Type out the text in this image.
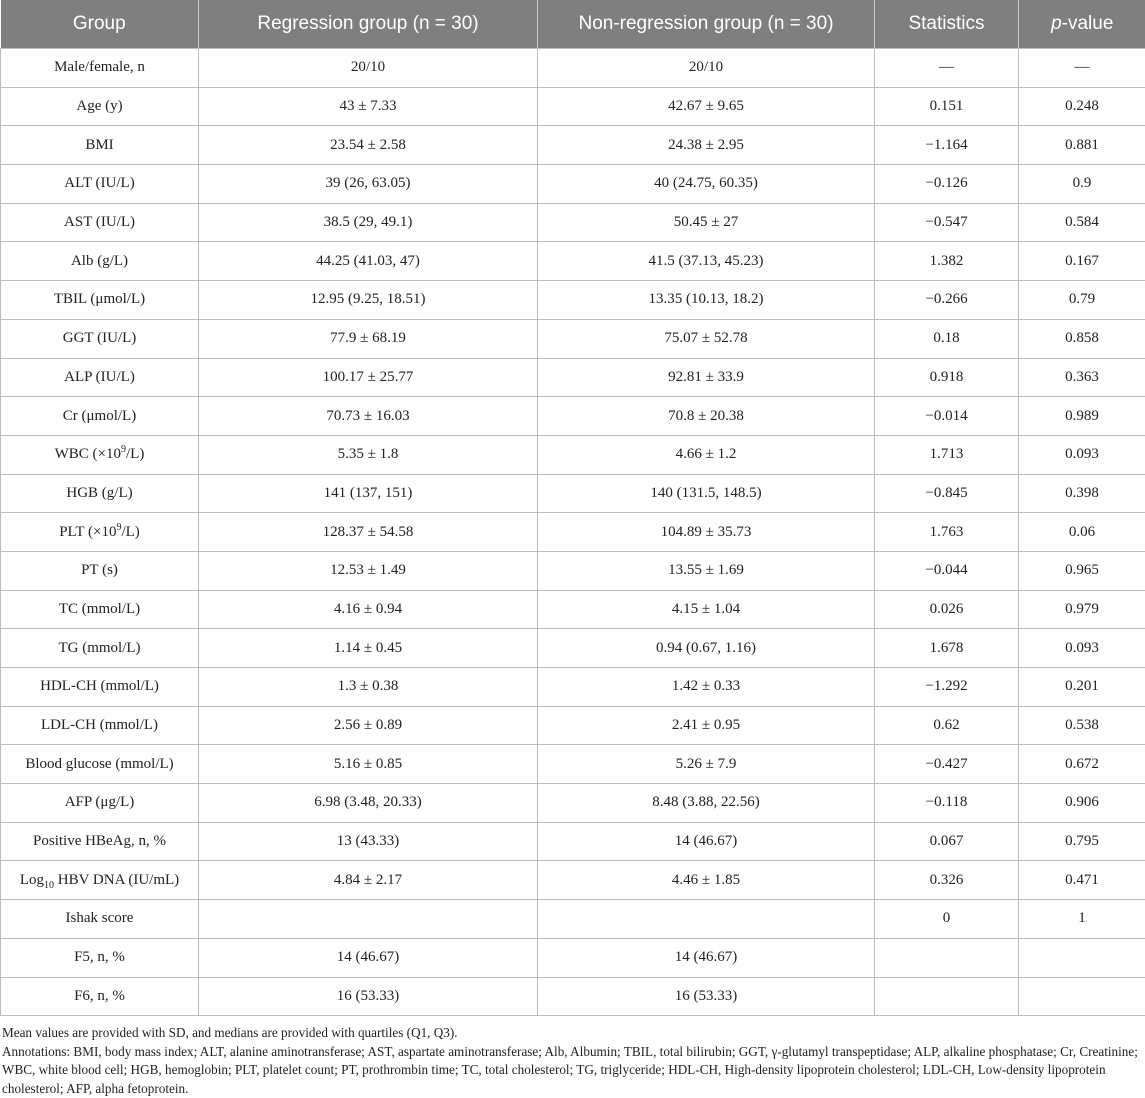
Group	Regression group (n = 30)	Non-regression group (n = 30)	Statistics	p-value
Male/female, n	20/10	20/10	—	—
Age (y)	43 ± 7.33	42.67 ± 9.65	0.151	0.248
BMI	23.54 ± 2.58	24.38 ± 2.95	−1.164	0.881
ALT (IU/L)	39 (26, 63.05)	40 (24.75, 60.35)	−0.126	0.9
AST (IU/L)	38.5 (29, 49.1)	50.45 ± 27	−0.547	0.584
Alb (g/L)	44.25 (41.03, 47)	41.5 (37.13, 45.23)	1.382	0.167
TBIL (μmol/L)	12.95 (9.25, 18.51)	13.35 (10.13, 18.2)	−0.266	0.79
GGT (IU/L)	77.9 ± 68.19	75.07 ± 52.78	0.18	0.858
ALP (IU/L)	100.17 ± 25.77	92.81 ± 33.9	0.918	0.363
Cr (μmol/L)	70.73 ± 16.03	70.8 ± 20.38	−0.014	0.989
WBC $(\times 10^9/L)$	5.35 ± 1.8	4.66 ± 1.2	1.713	0.093
HGB (g/L)	141 (137, 151)	140 (131.5, 148.5)	−0.845	0.398
PLT $(\times 10^9/L)$	128.37 ± 54.58	104.89 ± 35.73	1.763	0.06
PT (s)	12.53 ± 1.49	13.55 ± 1.69	−0.044	0.965
TC (mmol/L)	4.16 ± 0.94	4.15 ± 1.04	0.026	0.979
TG (mmol/L)	1.14 ± 0.45	0.94 (0.67, 1.16)	1.678	0.093
HDL-CH (mmol/L)	1.3 ± 0.38	1.42 ± 0.33	−1.292	0.201
LDL-CH (mmol/L)	2.56 ± 0.89	2.41 ± 0.95	0.62	0.538
Blood glucose (mmol/L)	5.16 ± 0.85	5.26 ± 7.9	−0.427	0.672
AFP (μg/L)	6.98 (3.48, 20.33)	8.48 (3.88, 22.56)	−0.118	0.906
Positive HBeAg, n, %	13 (43.33)	14 (46.67)	0.067	0.795
Log$_{10}$ HBV DNA (IU/mL)	4.84 ± 2.17	4.46 ± 1.85	0.326	0.471
Ishak score			0	1
F5, n, %	14 (46.67)	14 (46.67)		
F6, n, %	16 (53.33)	16 (53.33)		

Mean values are provided with SD, and medians are provided with quartiles (Q1, Q3).

Annotations: BMI, body mass index; ALT, alanine aminotransferase; AST, aspartate aminotransferase; Alb, Albumin; TBIL, total bilirubin; GGT, γ-glutamyl transpeptidase; ALP, alkaline phosphatase; Cr, Creatinine; WBC, white blood cell; HGB, hemoglobin; PLT, platelet count; PT, prothrombin time; TC, total cholesterol; TG, triglyceride; HDL-CH, High-density lipoprotein cholesterol; LDL-CH, Low-density lipoprotein cholesterol; AFP, alpha fetoprotein.
